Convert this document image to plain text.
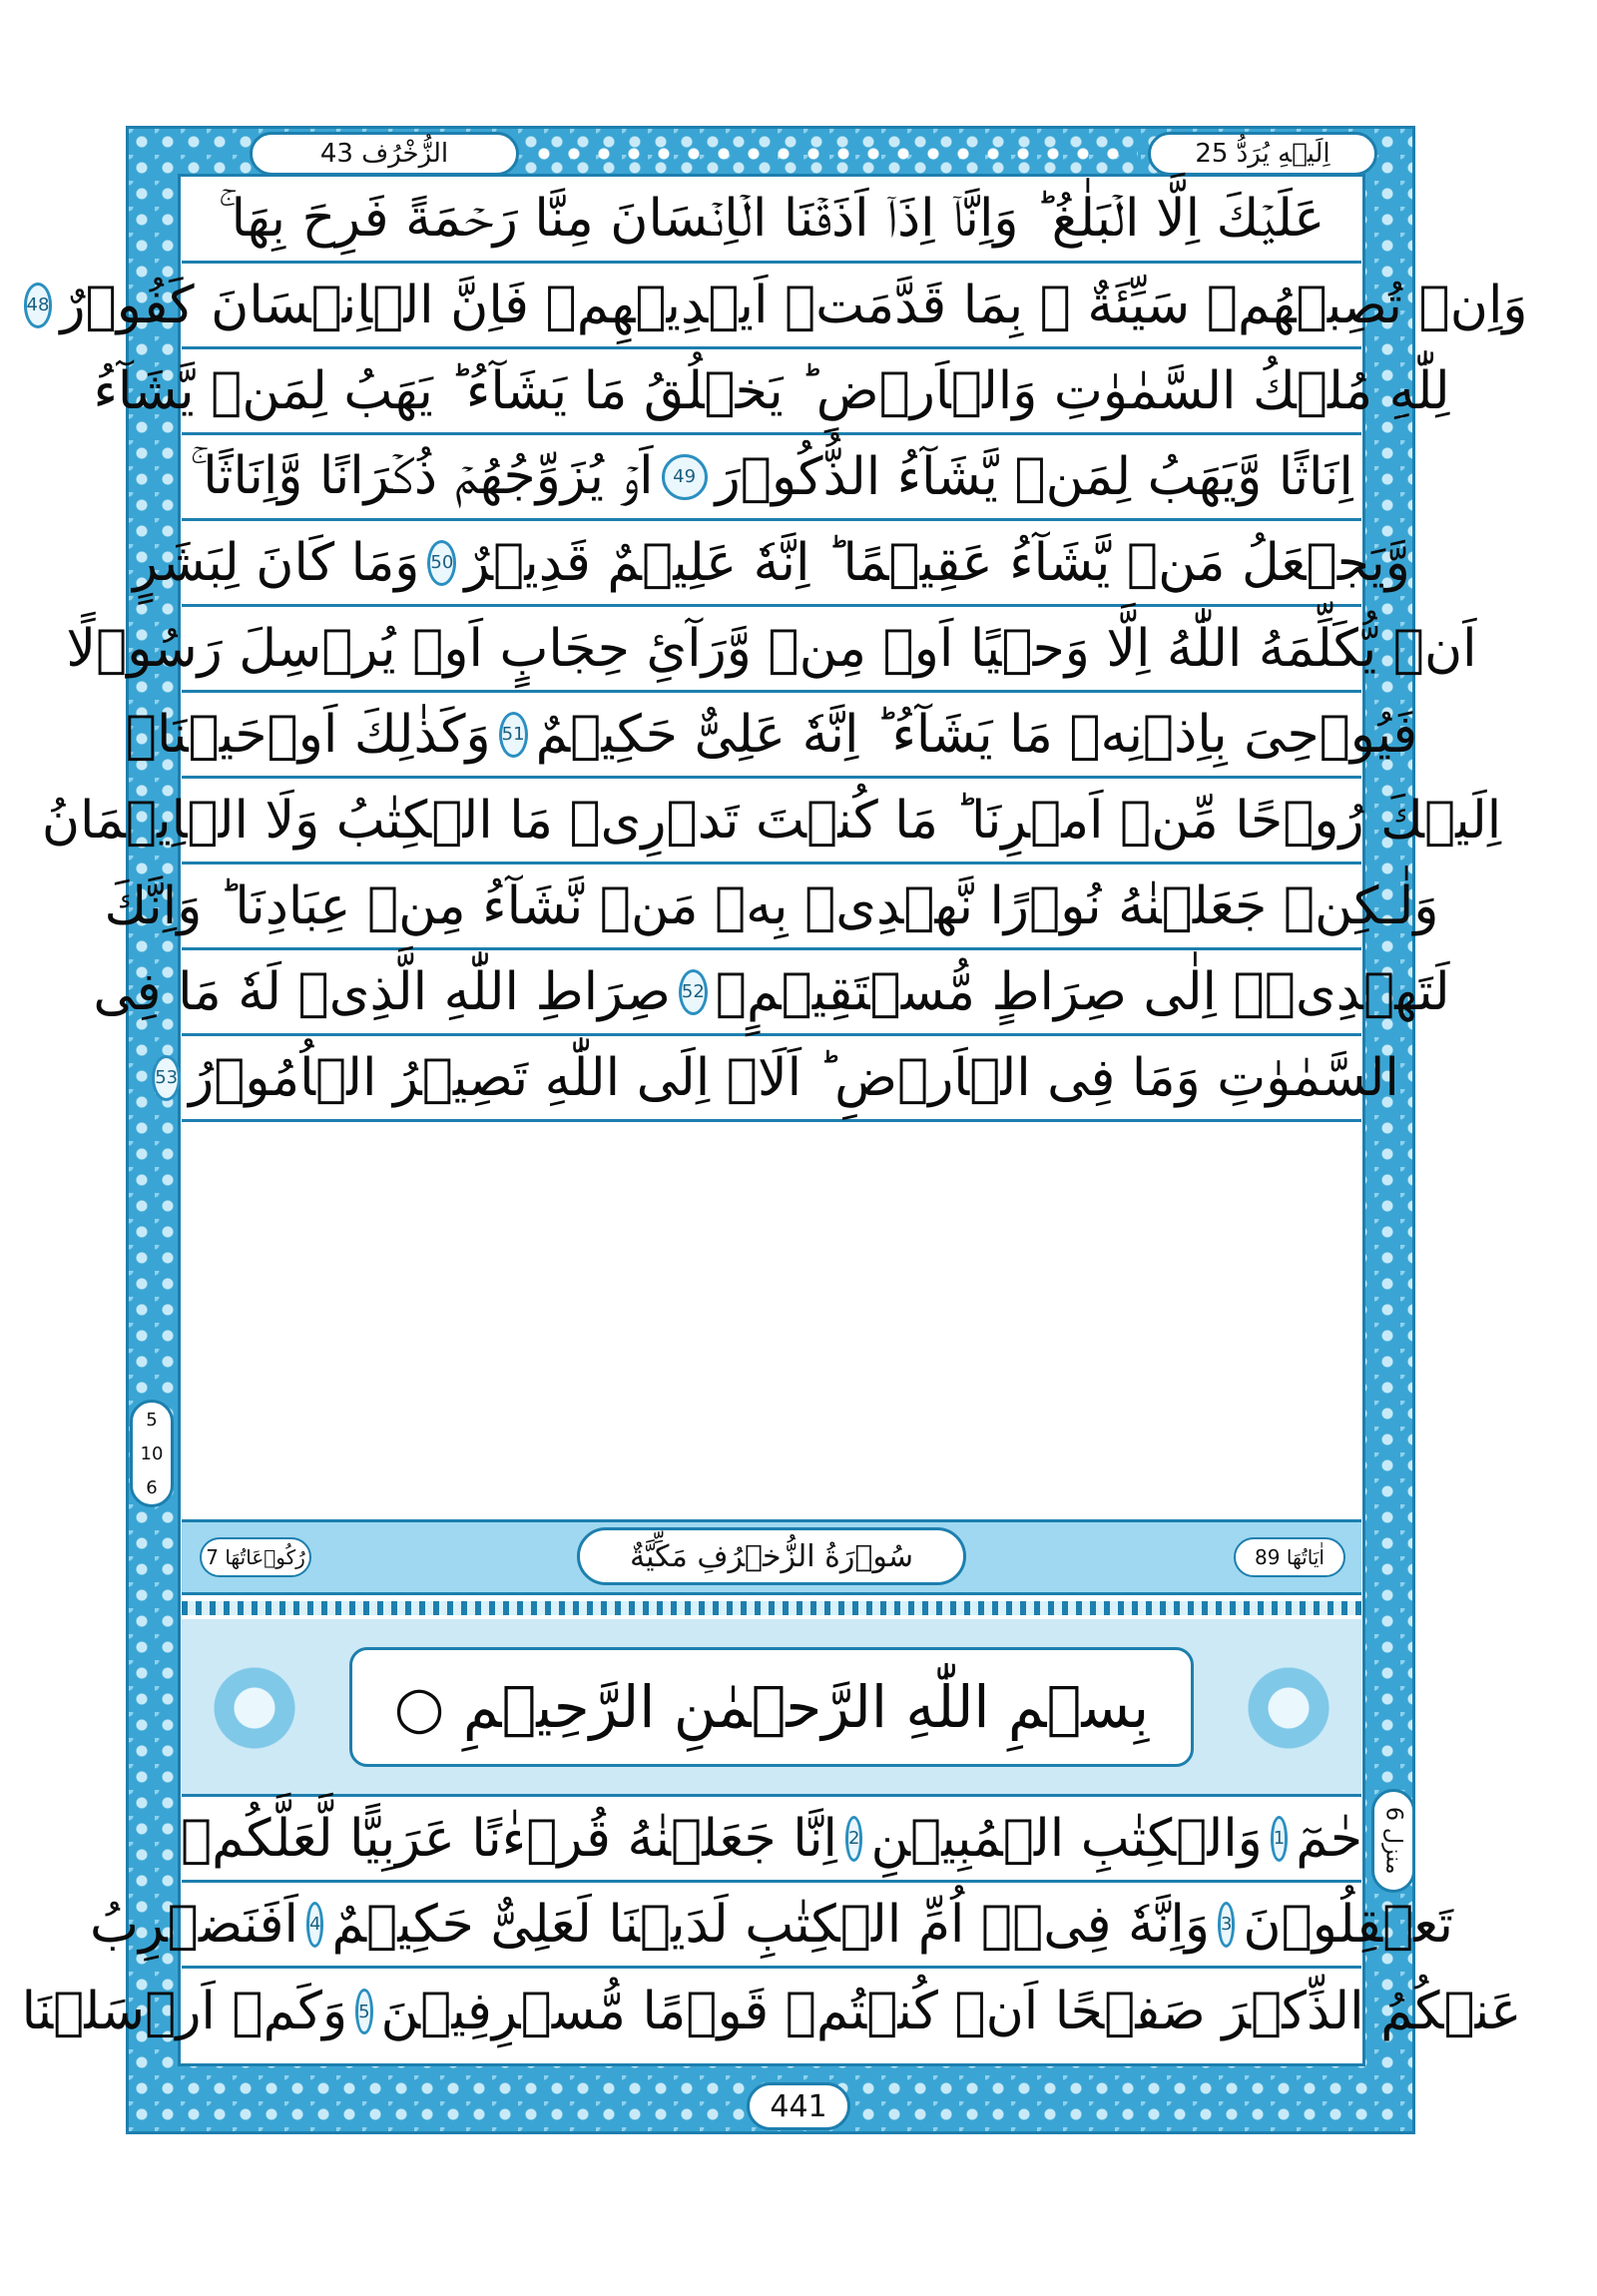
الزُّخْرُف 43	اِلَيۡهِ يُرَدُّ 25
عَلَيۡكَ اِلَّا الۡبَلٰغُ ؕ وَاِنَّاۤ اِذَاۤ اَذَقۡنَا الۡاِنۡسَانَ مِنَّا رَحۡمَةً فَرِحَ بِهَا ۚ
وَاِنۡ تُصِبۡهُمۡ سَيِّئَةٌ ۢ بِمَا قَدَّمَتۡ اَيۡدِيۡهِمۡ فَاِنَّ الۡاِنۡسَانَ كَفُوۡرٌ
48
لِلّٰهِ مُلۡكُ السَّمٰوٰتِ وَالۡاَرۡضِ ؕ يَخۡلُقُ مَا يَشَآءُ ؕ يَهَبُ لِمَنۡ يَّشَآءُ
اِنَاثًا وَّيَهَبُ لِمَنۡ يَّشَآءُ الذُّكُوۡرَ
49
اَوۡ يُزَوِّجُهُمۡ ذُكۡرَانًا وَّاِنَاثًا ۚ
وَّيَجۡعَلُ مَنۡ يَّشَآءُ عَقِيۡمًا ؕ اِنَّهٗ عَلِيۡمٌ قَدِيۡرٌ
50
وَمَا كَانَ لِبَشَرٍ
اَنۡ يُّكَلِّمَهُ اللّٰهُ اِلَّا وَحۡيًا اَوۡ مِنۡ وَّرَآئِ حِجَابٍ اَوۡ يُرۡسِلَ رَسُوۡلًا
فَيُوۡحِىَ بِاِذۡنِهٖ مَا يَشَآءُ ؕ اِنَّهٗ عَلِىٌّ حَكِيۡمٌ
51
وَكَذٰلِكَ اَوۡحَيۡنَاۤ
اِلَيۡكَ رُوۡحًا مِّنۡ اَمۡرِنَا ؕ مَا كُنۡتَ تَدۡرِىۡ مَا الۡكِتٰبُ وَلَا الۡاِيۡمَانُ
وَلٰـكِنۡ جَعَلۡنٰهُ نُوۡرًا نَّهۡدِىۡ بِهٖ مَنۡ نَّشَآءُ مِنۡ عِبَادِنَا ؕ وَاِنَّكَ
لَتَهۡدِىۡۤ اِلٰى صِرَاطٍ مُّسۡتَقِيۡمٍۙ
52
صِرَاطِ اللّٰهِ الَّذِىۡ لَهٗ مَا فِى
السَّمٰوٰتِ وَمَا فِى الۡاَرۡضِ ؕ اَلَاۤ اِلَى اللّٰهِ تَصِيۡرُ الۡاُمُوۡرُ
53
5
10
6
اٰيَاتُهَا 89
سُوۡرَةُ الزُّخۡرُفِ مَكِّيَّةٌ
رُكُوۡعَاتُهَا 7
بِسۡمِ اللّٰهِ الرَّحۡمٰنِ الرَّحِيۡمِ ○
حٰمٓ
1
وَالۡكِتٰبِ الۡمُبِيۡنِ
2
اِنَّا جَعَلۡنٰهُ قُرۡءٰنًا عَرَبِيًّا لَّعَلَّكُمۡ
تَعۡقِلُوۡنَ
3
وَاِنَّهٗ فِىۡۤ اُمِّ الۡكِتٰبِ لَدَيۡنَا لَعَلِىٌّ حَكِيۡمٌ
4
اَفَنَضۡرِبُ
عَنۡكُمُ الذِّكۡرَ صَفۡحًا اَنۡ كُنۡتُمۡ قَوۡمًا مُّسۡرِفِيۡنَ
5
وَكَمۡ اَرۡسَلۡنَا
منزل 6
441
